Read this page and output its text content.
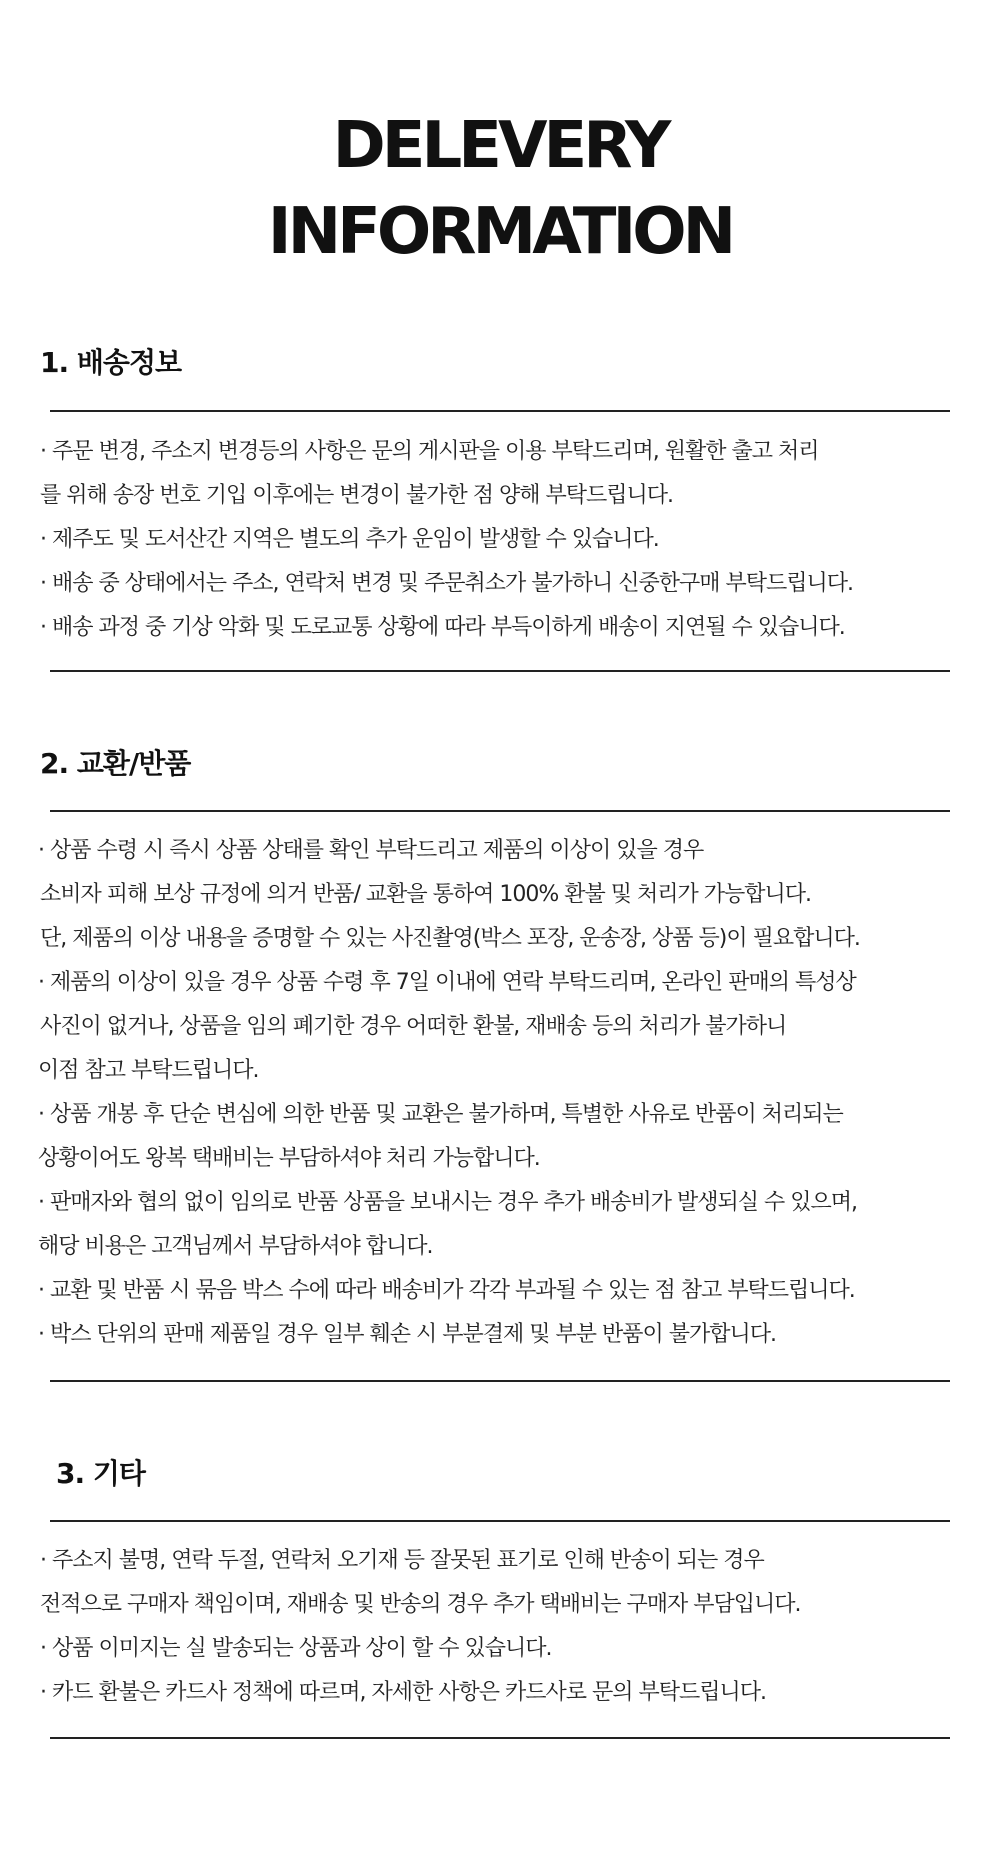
DELEVERY
INFORMATION
1. 배송정보

· 주문 변경, 주소지 변경등의 사항은 문의 게시판을 이용 부탁드리며, 원활한 출고 처리

를 위해 송장 번호 기입 이후에는 변경이 불가한 점 양해 부탁드립니다.

· 제주도 및 도서산간 지역은 별도의 추가 운임이 발생할 수 있습니다.

· 배송 중 상태에서는 주소, 연락처 변경 및 주문취소가 불가하니 신중한구매 부탁드립니다.

· 배송 과정 중 기상 악화 및 도로교통 상황에 따라 부득이하게 배송이 지연될 수 있습니다.

2. 교환/반품

· 상품 수령 시 즉시 상품 상태를 확인 부탁드리고 제품의 이상이 있을 경우

소비자 피해 보상 규정에 의거 반품/ 교환을 통하여 100% 환불 및 처리가 가능합니다.

단, 제품의 이상 내용을 증명할 수 있는 사진촬영(박스 포장, 운송장, 상품 등)이 필요합니다.

· 제품의 이상이 있을 경우 상품 수령 후 7일 이내에 연락 부탁드리며, 온라인 판매의 특성상

사진이 없거나, 상품을 임의 폐기한 경우 어떠한 환불, 재배송 등의 처리가 불가하니

이점 참고 부탁드립니다.

· 상품 개봉 후 단순 변심에 의한 반품 및 교환은 불가하며, 특별한 사유로 반품이 처리되는

상황이어도 왕복 택배비는 부담하셔야 처리 가능합니다.

· 판매자와 협의 없이 임의로 반품 상품을 보내시는 경우 추가 배송비가 발생되실 수 있으며,

해당 비용은 고객님께서 부담하셔야 합니다.

· 교환 및 반품 시 묶음 박스 수에 따라 배송비가 각각 부과될 수 있는 점 참고 부탁드립니다.

· 박스 단위의 판매 제품일 경우 일부 훼손 시 부분결제 및 부분 반품이 불가합니다.

3. 기타

· 주소지 불명, 연락 두절, 연락처 오기재 등 잘못된 표기로 인해 반송이 되는 경우

전적으로 구매자 책임이며, 재배송 및 반송의 경우 추가 택배비는 구매자 부담입니다.

· 상품 이미지는 실 발송되는 상품과 상이 할 수 있습니다.

· 카드 환불은 카드사 정책에 따르며, 자세한 사항은 카드사로 문의 부탁드립니다.
